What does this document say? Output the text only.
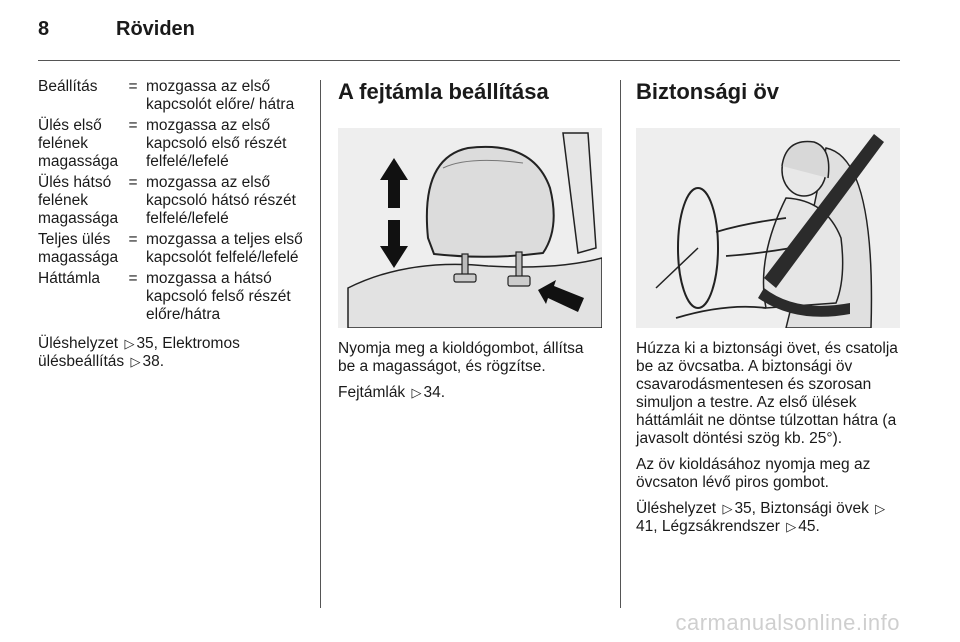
8	Röviden
Beállítás	=	mozgassa az első kapcsolót előre/ hátra
Ülés első felének magassága	=	mozgassa az első kapcsoló első részét felfelé/lefelé
Ülés hátsó felének magassága	=	mozgassa az első kapcsoló hátsó részét felfelé/lefelé
Teljes ülés magassága	=	mozgassa a teljes első kapcsolót felfelé/lefelé
Háttámla	=	mozgassa a hátsó kapcsoló felső részét előre/hátra

Üléshelyzet ▷ 35, Elektromos ülésbeállítás ▷ 38.

A fejtámla beállítása

Nyomja meg a kioldógombot, állítsa be a magasságot, és rögzítse.

Fejtámlák ▷ 34.

Biztonsági öv

Húzza ki a biztonsági övet, és csatolja be az övcsatba. A biztonsági öv csavarodásmentesen és szorosan simuljon a testre. Az első ülések háttámláit ne döntse túlzottan hátra (a javasolt döntési szög kb. 25°).

Az öv kioldásához nyomja meg az övcsaton lévő piros gombot.

Üléshelyzet ▷ 35, Biztonsági övek ▷41, Légzsákrendszer ▷ 45.

carmanualsonline.info
